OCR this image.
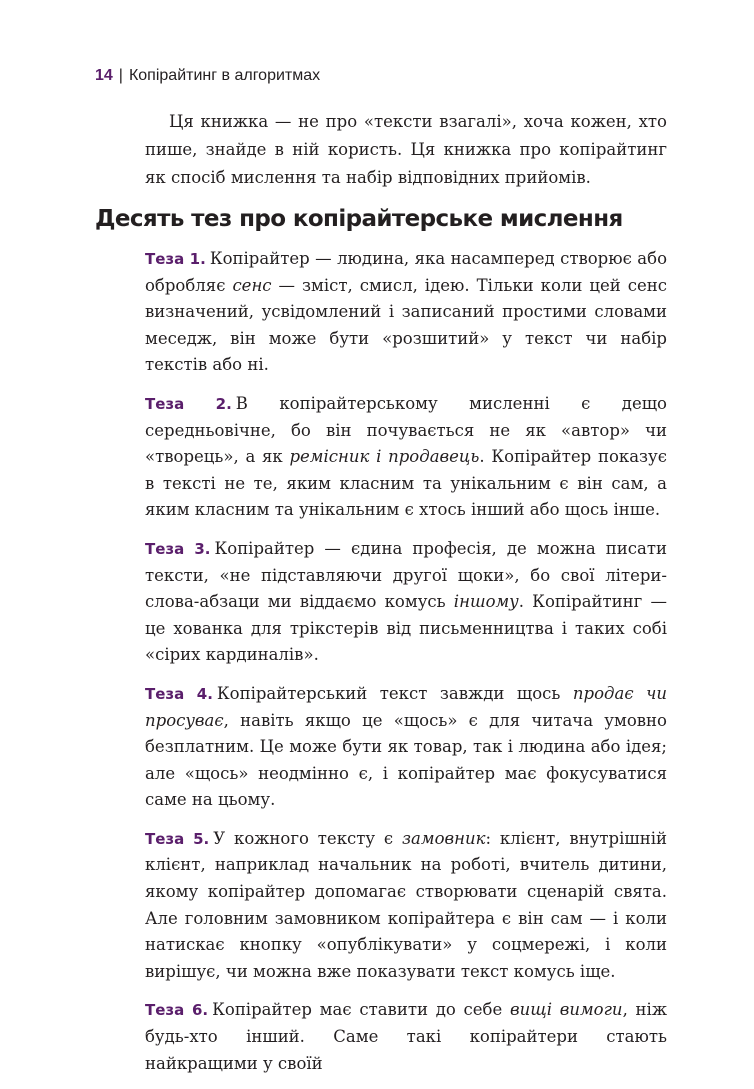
14 | Копірайтинг в алгоритмах

Ця книжка — не про «тексти взагалі», хоча кожен, хто пише, знайде в ній користь. Ця книжка про копірайтинг як спосіб мислення та набір відповідних прийомів.

Десять тез про копірайтерське мислення

Теза 1. Копірайтер — людина, яка насамперед створює або обробляє сенс — зміст, смисл, ідею. Тільки коли цей сенс визначений, усвідомлений і записаний простими словами меседж, він може бути «розшитий» у текст чи набір текстів або ні.

Теза 2. В копірайтерському мисленні є дещо середньовічне, бо він почувається не як «автор» чи «творець», а як ремісник і продавець. Копірайтер показує в тексті не те, яким класним та унікальним є він сам, а яким класним та унікальним є хтось інший або щось інше.

Теза 3. Копірайтер — єдина професія, де можна писати тексти, «не підставляючи другої щоки», бо свої літери-слова-абзаци ми віддаємо комусь іншому. Копірайтинг — це хованка для трікстерів від письменництва і таких собі «сірих кардиналів».

Теза 4. Копірайтерський текст завжди щось продає чи просуває, навіть якщо це «щось» є для читача умовно безплатним. Це може бути як товар, так і людина або ідея; але «щось» неодмінно є, і копірайтер має фокусуватися саме на цьому.

Теза 5. У кожного тексту є замовник: клієнт, внутрішній клієнт, наприклад начальник на роботі, вчитель дитини, якому копірайтер допомагає створювати сценарій свята. Але головним замовником копірайтера є він сам — і коли натискає кнопку «опублікувати» у соцмережі, і коли вирішує, чи можна вже показувати текст комусь іще.

Теза 6. Копірайтер має ставити до себе вищі вимоги, ніж будь-хто інший. Саме такі копірайтери стають найкращими у своїй
